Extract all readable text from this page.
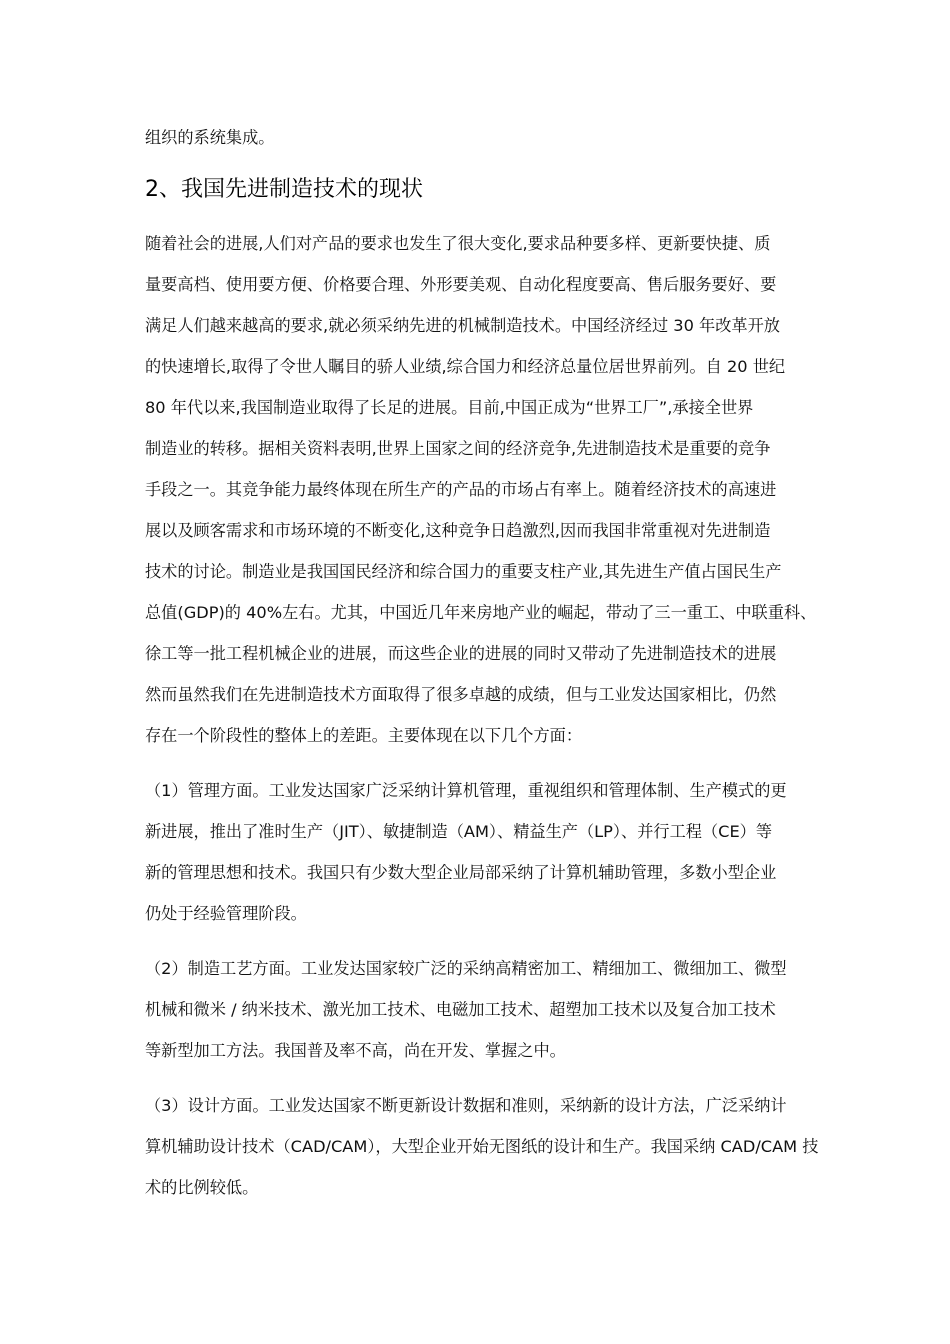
组织的系统集成。
2、我国先进制造技术的现状
随着社会的进展,人们对产品的要求也发生了很大变化,要求品种要多样、更新要快捷、质
量要高档、使用要方便、价格要合理、外形要美观、自动化程度要高、售后服务要好、要
满足人们越来越高的要求,就必须采纳先进的机械制造技术。中国经济经过 30 年改革开放
的快速增长,取得了令世人瞩目的骄人业绩,综合国力和经济总量位居世界前列。自 20 世纪
80 年代以来,我国制造业取得了长足的进展。目前,中国正成为“世界工厂”,承接全世界
制造业的转移。据相关资料表明,世界上国家之间的经济竞争,先进制造技术是重要的竞争
手段之一。其竞争能力最终体现在所生产的产品的市场占有率上。随着经济技术的高速进
展以及顾客需求和市场环境的不断变化,这种竞争日趋激烈,因而我国非常重视对先进制造
技术的讨论。制造业是我国国民经济和综合国力的重要支柱产业,其先进生产值占国民生产
总值(GDP)的 40%左右。尤其，中国近几年来房地产业的崛起，带动了三一重工、中联重科、
徐工等一批工程机械企业的进展，而这些企业的进展的同时又带动了先进制造技术的进展
然而虽然我们在先进制造技术方面取得了很多卓越的成绩，但与工业发达国家相比，仍然
存在一个阶段性的整体上的差距。主要体现在以下几个方面：
（1）管理方面。工业发达国家广泛采纳计算机管理，重视组织和管理体制、生产模式的更
新进展，推出了准时生产（JIT）、敏捷制造（AM）、精益生产（LP）、并行工程（CE）等
新的管理思想和技术。我国只有少数大型企业局部采纳了计算机辅助管理，多数小型企业
仍处于经验管理阶段。
（2）制造工艺方面。工业发达国家较广泛的采纳高精密加工、精细加工、微细加工、微型
机械和微米 / 纳米技术、激光加工技术、电磁加工技术、超塑加工技术以及复合加工技术
等新型加工方法。我国普及率不高，尚在开发、掌握之中。
（3）设计方面。工业发达国家不断更新设计数据和准则，采纳新的设计方法，广泛采纳计
算机辅助设计技术（CAD/CAM），大型企业开始无图纸的设计和生产。我国采纳 CAD/CAM 技
术的比例较低。
